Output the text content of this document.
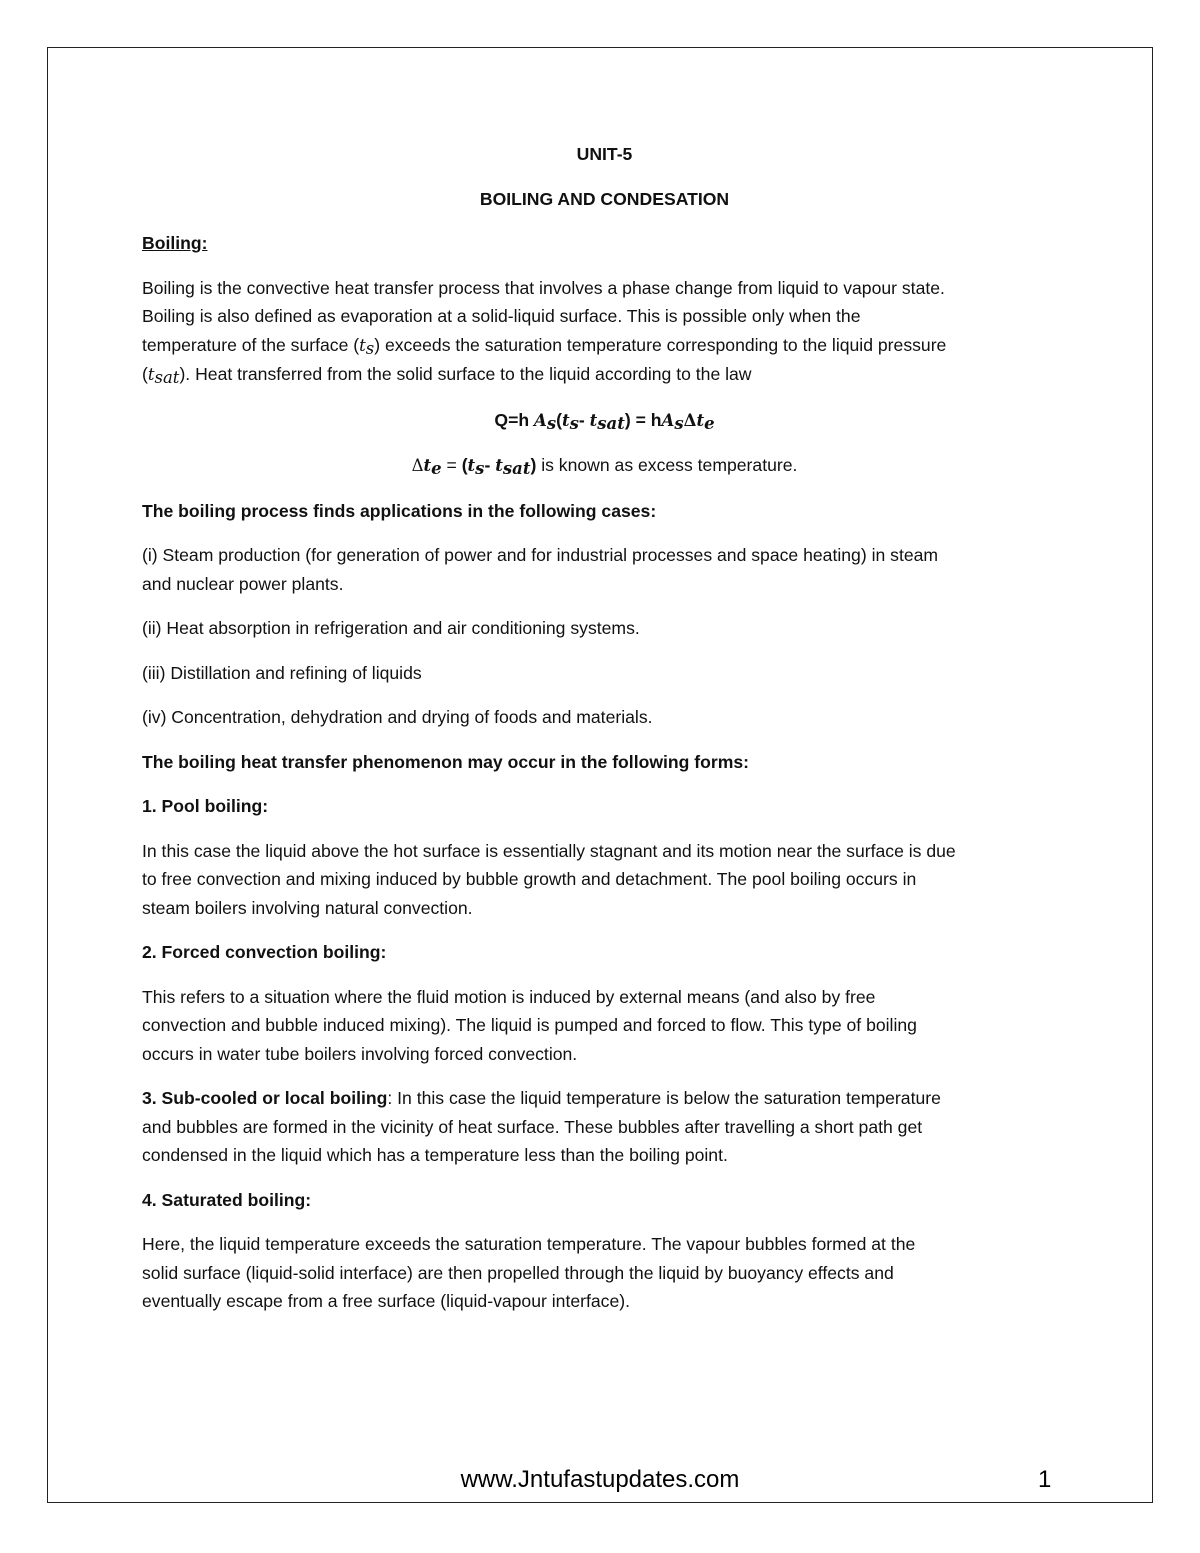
UNIT-5

BOILING AND CONDESATION

Boiling:

Boiling is the convective heat transfer process that involves a phase change from liquid to vapour state.
Boiling is also defined as evaporation at a solid-liquid surface. This is possible only when the
temperature of the surface $(t_s)$ exceeds the saturation temperature corresponding to the liquid pressure
$(t_{sat})$. Heat transferred from the solid surface to the liquid according to the law

Q=h $A_s(t_s-$ $t_{sat}) = hA_s\Delta t_e$

$\Delta t_e = (t_s-$ $t_{sat}$) is known as excess temperature.

The boiling process finds applications in the following cases:

(i) Steam production (for generation of power and for industrial processes and space heating) in steam
and nuclear power plants.

(ii) Heat absorption in refrigeration and air conditioning systems.

(iii) Distillation and refining of liquids

(iv) Concentration, dehydration and drying of foods and materials.

The boiling heat transfer phenomenon may occur in the following forms:

1. Pool boiling:

In this case the liquid above the hot surface is essentially stagnant and its motion near the surface is due
to free convection and mixing induced by bubble growth and detachment. The pool boiling occurs in
steam boilers involving natural convection.

2. Forced convection boiling:

This refers to a situation where the fluid motion is induced by external means (and also by free
convection and bubble induced mixing). The liquid is pumped and forced to flow. This type of boiling
occurs in water tube boilers involving forced convection.

3. Sub-cooled or local boiling: In this case the liquid temperature is below the saturation temperature
and bubbles are formed in the vicinity of heat surface. These bubbles after travelling a short path get
condensed in the liquid which has a temperature less than the boiling point.

4. Saturated boiling:

Here, the liquid temperature exceeds the saturation temperature. The vapour bubbles formed at the
solid surface (liquid-solid interface) are then propelled through the liquid by buoyancy effects and
eventually escape from a free surface (liquid-vapour interface).

www.Jntufastupdates.com	1
